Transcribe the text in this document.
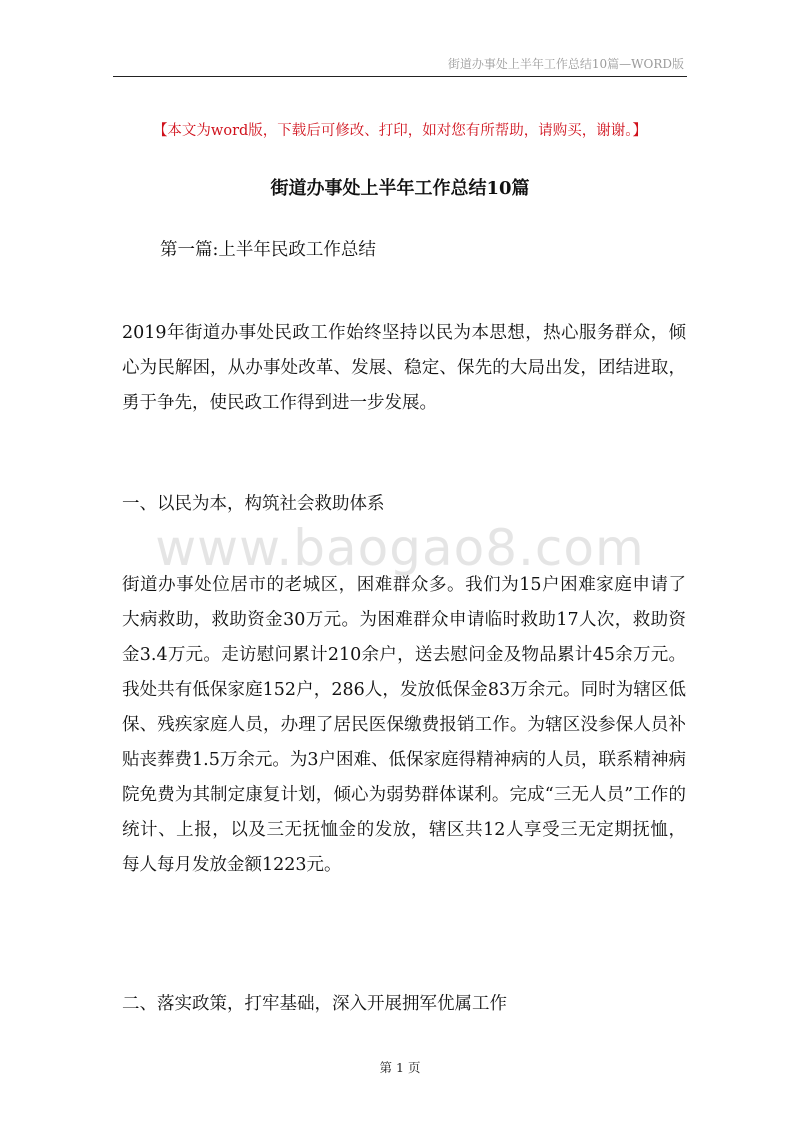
街道办事处上半年工作总结10篇—WORD版
【本文为word版，下载后可修改、打印，如对您有所帮助，请购买，谢谢。】
街道办事处上半年工作总结10篇
www.baogao8.com

第一篇:上半年民政工作总结

2019年街道办事处民政工作始终坚持以民为本思想，热心服务群众，倾心为民解困，从办事处改革、发展、稳定、保先的大局出发，团结进取，勇于争先，使民政工作得到进一步发展。

一、以民为本，构筑社会救助体系

街道办事处位居市的老城区，困难群众多。我们为15户困难家庭申请了大病救助，救助资金30万元。为困难群众申请临时救助17人次，救助资金3.4万元。走访慰问累计210余户，送去慰问金及物品累计45余万元。我处共有低保家庭152户，286人，发放低保金83万余元。同时为辖区低保、残疾家庭人员，办理了居民医保缴费报销工作。为辖区没参保人员补贴丧葬费1.5万余元。为3户困难、低保家庭得精神病的人员，联系精神病院免费为其制定康复计划，倾心为弱势群体谋利。完成“三无人员”工作的统计、上报，以及三无抚恤金的发放，辖区共12人享受三无定期抚恤，每人每月发放金额1223元。

二、落实政策，打牢基础，深入开展拥军优属工作

第 1 页
